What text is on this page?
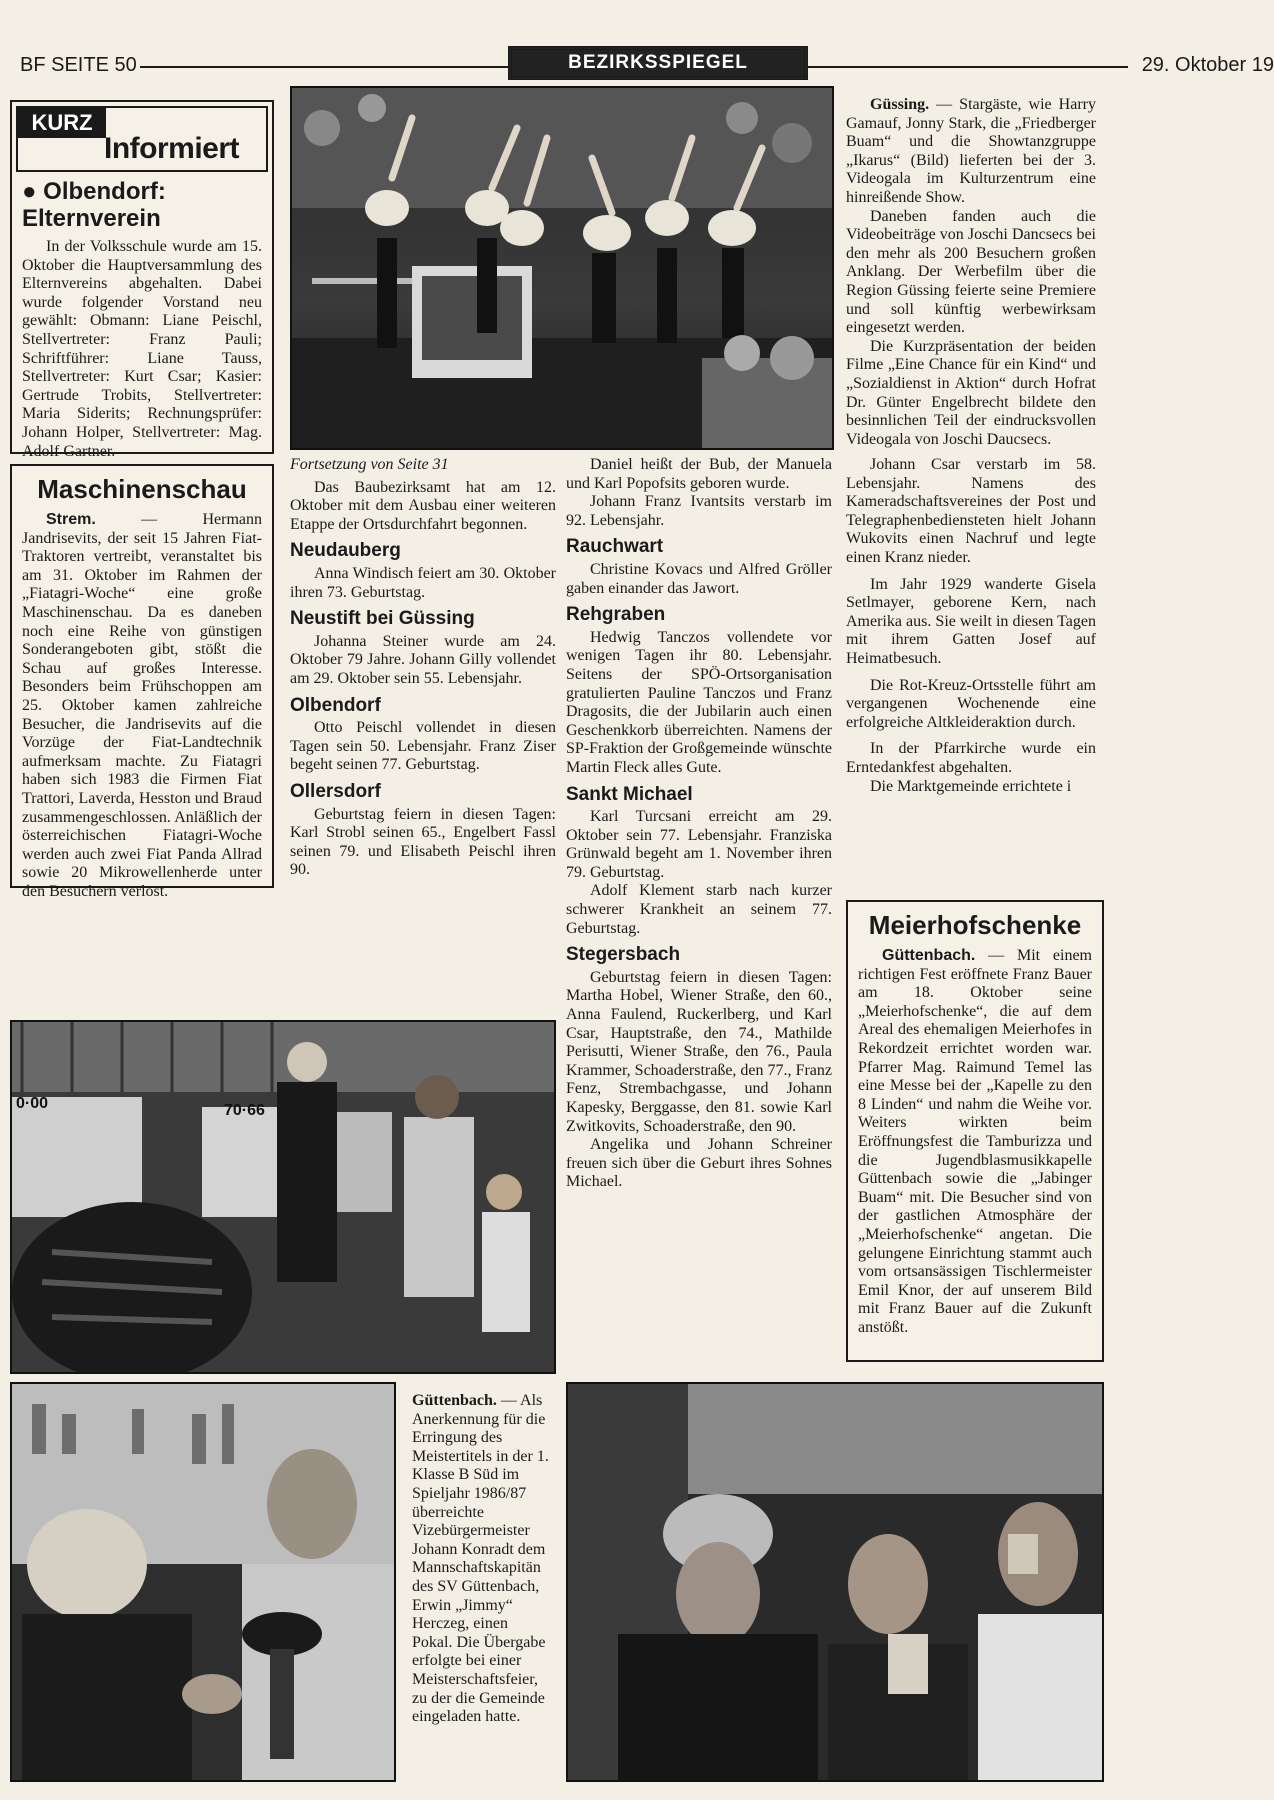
BF SEITE 50	BEZIRKSSPIEGEL	29. Oktober 19
KURZ
Informiert
● Olbendorf:
Elternverein

In der Volksschule wurde am 15. Oktober die Hauptversammlung des Elternvereins abgehalten. Dabei wurde folgender Vorstand neu gewählt: Obmann: Liane Peischl, Stellvertreter: Franz Pauli; Schriftführer: Liane Tauss, Stellvertreter: Kurt Csar; Kasier: Gertrude Trobits, Stellvertreter: Maria Siderits; Rechnungsprüfer: Johann Holper, Stellvertreter: Mag. Adolf Gartner.

Maschinenschau

Strem. — Hermann Jandrisevits, der seit 15 Jahren Fiat-Traktoren vertreibt, veranstaltet bis am 31. Oktober im Rahmen der „Fiatagri-Woche“ eine große Maschinenschau. Da es daneben noch eine Reihe von günstigen Sonderangeboten gibt, stößt die Schau auf großes Interesse. Besonders beim Frühschoppen am 25. Oktober kamen zahlreiche Besucher, die Jandrisevits auf die Vorzüge der Fiat-Landtechnik aufmerksam machte. Zu Fiatagri haben sich 1983 die Firmen Fiat Trattori, Laverda, Hesston und Braud zusammengeschlossen. Anläßlich der österreichischen Fiatagri-Woche werden auch zwei Fiat Panda Allrad sowie 20 Mikrowellenherde unter den Besuchern verlost.

Güssing. — Stargäste, wie Harry Gamauf, Jonny Stark, die „Friedberger Buam“ und die Showtanzgruppe „Ikarus“ (Bild) lieferten bei der 3. Videogala im Kulturzentrum eine hinreißende Show.

Daneben fanden auch die Videobeiträge von Joschi Dancsecs bei den mehr als 200 Besuchern großen Anklang. Der Werbefilm über die Region Güssing feierte seine Premiere und soll künftig werbewirksam eingesetzt werden.

Die Kurzpräsentation der beiden Filme „Eine Chance für ein Kind“ und „Sozialdienst in Aktion“ durch Hofrat Dr. Günter Engelbrecht bildete den besinnlichen Teil der eindrucksvollen Videogala von Joschi Daucsecs.

Fortsetzung von Seite 31

Das Baubezirksamt hat am 12. Oktober mit dem Ausbau einer weiteren Etappe der Ortsdurchfahrt begonnen.

Neudauberg

Anna Windisch feiert am 30. Oktober ihren 73. Geburtstag.

Neustift bei Güssing

Johanna Steiner wurde am 24. Oktober 79 Jahre. Johann Gilly vollendet am 29. Oktober sein 55. Lebensjahr.

Olbendorf

Otto Peischl vollendet in diesen Tagen sein 50. Lebensjahr. Franz Ziser begeht seinen 77. Geburtstag.

Ollersdorf

Geburtstag feiern in diesen Tagen: Karl Strobl seinen 65., Engelbert Fassl seinen 79. und Elisabeth Peischl ihren 90.

Daniel heißt der Bub, der Manuela und Karl Popofsits geboren wurde.

Johann Franz Ivantsits verstarb im 92. Lebensjahr.

Rauchwart

Christine Kovacs und Alfred Gröller gaben einander das Jawort.

Rehgraben

Hedwig Tanczos vollendete vor wenigen Tagen ihr 80. Lebensjahr. Seitens der SPÖ-Ortsorganisation gratulierten Pauline Tanczos und Franz Dragosits, die der Jubilarin auch einen Geschenkkorb überreichten. Namens der SP-Fraktion der Großgemeinde wünschte Martin Fleck alles Gute.

Sankt Michael

Karl Turcsani erreicht am 29. Oktober sein 77. Lebensjahr. Franziska Grünwald begeht am 1. November ihren 79. Geburtstag.

Adolf Klement starb nach kurzer schwerer Krankheit an seinem 77. Geburtstag.

Stegersbach

Geburtstag feiern in diesen Tagen: Martha Hobel, Wiener Straße, den 60., Anna Faulend, Ruckerlberg, und Karl Csar, Hauptstraße, den 74., Mathilde Perisutti, Wiener Straße, den 76., Paula Krammer, Schoaderstraße, den 77., Franz Fenz, Strembachgasse, und Johann Kapesky, Berggasse, den 81. sowie Karl Zwitkovits, Schoaderstraße, den 90.

Angelika und Johann Schreiner freuen sich über die Geburt ihres Sohnes Michael.

Johann Csar verstarb im 58. Lebensjahr. Namens des Kameradschaftsvereines der Post und Telegraphenbediensteten hielt Johann Wukovits einen Nachruf und legte einen Kranz nieder.

Im Jahr 1929 wanderte Gisela Setlmayer, geborene Kern, nach Amerika aus. Sie weilt in diesen Tagen mit ihrem Gatten Josef auf Heimatbesuch.

Die Rot-Kreuz-Ortsstelle führt am vergangenen Wochenende eine erfolgreiche Altkleideraktion durch.

In der Pfarrkirche wurde ein Erntedankfest abgehalten.

Die Marktgemeinde errichtete i

Meierhofschenke

Güttenbach. — Mit einem richtigen Fest eröffnete Franz Bauer am 18. Oktober seine „Meierhofschenke“, die auf dem Areal des ehemaligen Meierhofes in Rekordzeit errichtet worden war. Pfarrer Mag. Raimund Temel las eine Messe bei der „Kapelle zu den 8 Linden“ und nahm die Weihe vor. Weiters wirkten beim Eröffnungsfest die Tamburizza und die Jugendblasmusikkapelle Güttenbach sowie die „Jabinger Buam“ mit. Die Besucher sind von der gastlichen Atmosphäre der „Meierhofschenke“ angetan. Die gelungene Einrichtung stammt auch vom ortsansässigen Tischlermeister Emil Knor, der auf unserem Bild mit Franz Bauer auf die Zukunft anstößt.

70·66
0·00

Güttenbach. — Als Anerkennung für die Erringung des Meistertitels in der 1. Klasse B Süd im Spieljahr 1986/87 überreichte Vizebürgermeister Johann Konradt dem Mannschaftskapitän des SV Güttenbach, Erwin „Jimmy“ Herczeg, einen Pokal. Die Übergabe erfolgte bei einer Meisterschaftsfeier, zu der die Gemeinde eingeladen hatte.
